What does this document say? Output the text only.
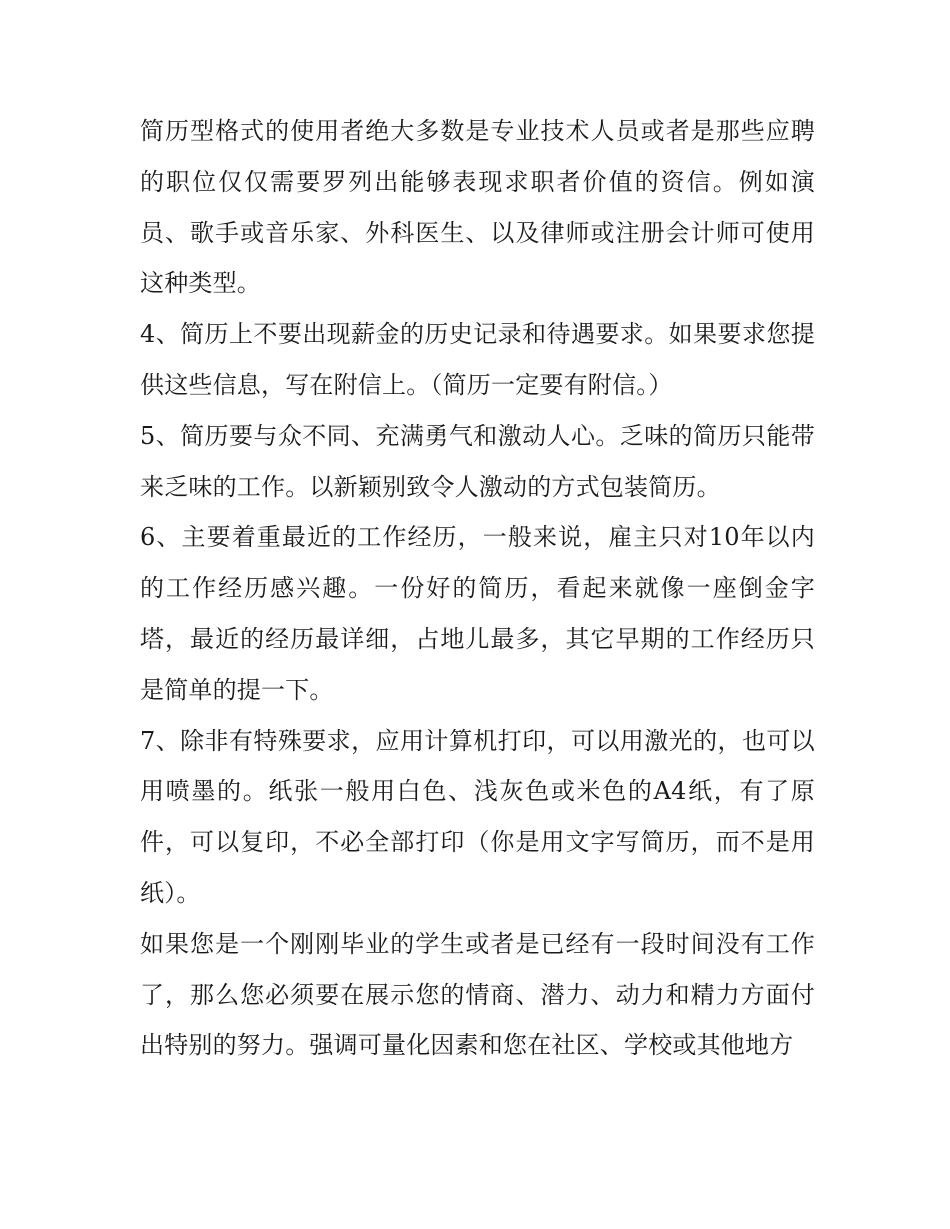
简历型格式的使用者绝大多数是专业技术人员或者是那些应聘的职位仅仅需要罗列出能够表现求职者价值的资信。例如演员、歌手或音乐家、外科医生、以及律师或注册会计师可使用这种类型。

4、简历上不要出现薪金的历史记录和待遇要求。如果要求您提供这些信息，写在附信上。（简历一定要有附信。）

5、简历要与众不同、充满勇气和激动人心。乏味的简历只能带来乏味的工作。以新颖别致令人激动的方式包装简历。

6、主要着重最近的工作经历，一般来说，雇主只对10年以内的工作经历感兴趣。一份好的简历，看起来就像一座倒金字塔，最近的经历最详细，占地儿最多，其它早期的工作经历只是简单的提一下。

7、除非有特殊要求，应用计算机打印，可以用激光的，也可以用喷墨的。纸张一般用白色、浅灰色或米色的A4纸，有了原件，可以复印，不必全部打印（你是用文字写简历，而不是用纸）。

如果您是一个刚刚毕业的学生或者是已经有一段时间没有工作了，那么您必须要在展示您的情商、潜力、动力和精力方面付出特别的努力。强调可量化因素和您在社区、学校或其他地方
